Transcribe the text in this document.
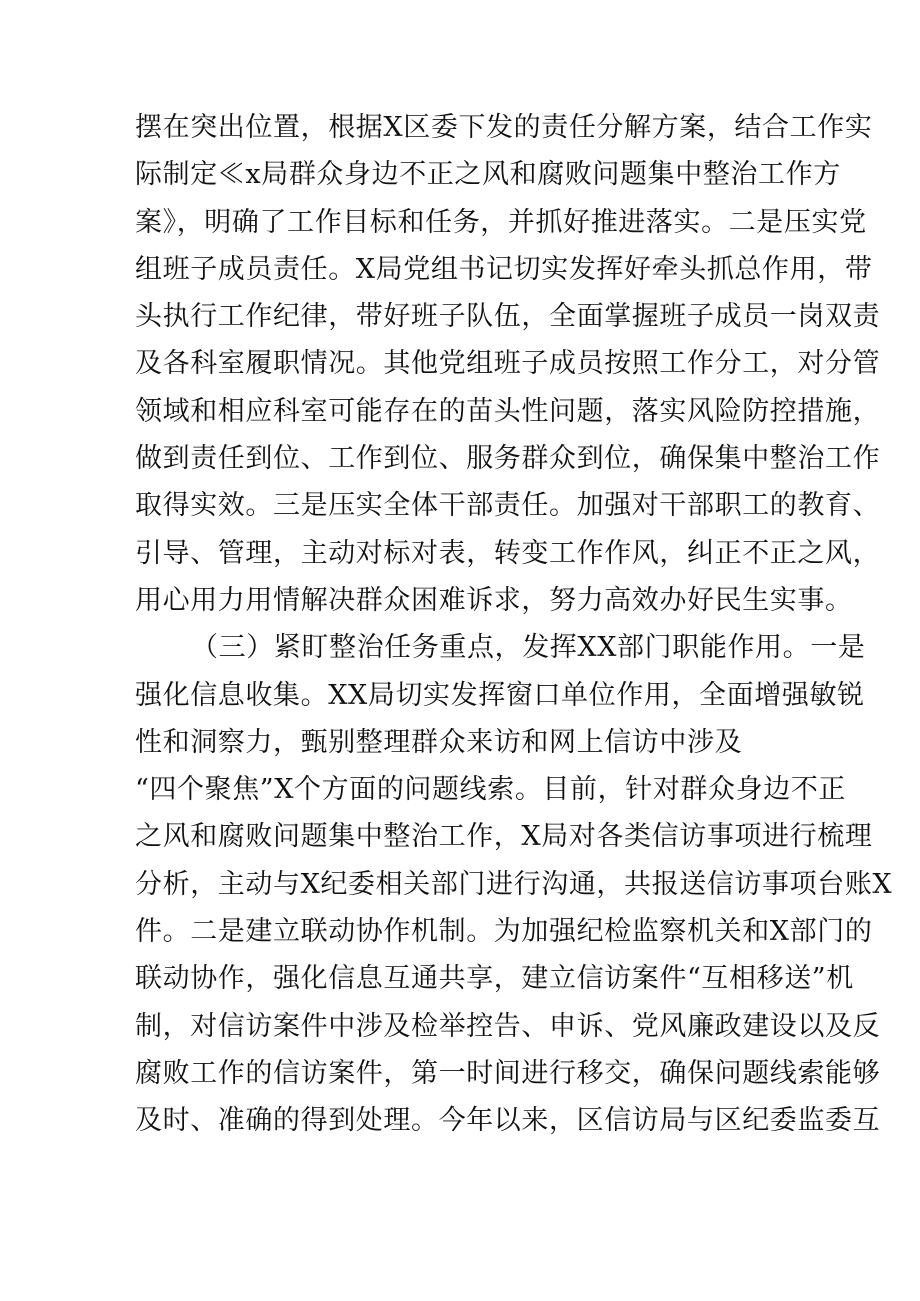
摆在突出位置，根据X区委下发的责任分解方案，结合工作实
际制定≪x局群众身边不正之风和腐败问题集中整治工作方
案》，明确了工作目标和任务，并抓好推进落实。二是压实党
组班子成员责任。X局党组书记切实发挥好牵头抓总作用，带
头执行工作纪律，带好班子队伍，全面掌握班子成员一岗双责
及各科室履职情况。其他党组班子成员按照工作分工，对分管
领域和相应科室可能存在的苗头性问题，落实风险防控措施，
做到责任到位、工作到位、服务群众到位，确保集中整治工作
取得实效。三是压实全体干部责任。加强对干部职工的教育、
引导、管理，主动对标对表，转变工作作风，纠正不正之风，
用心用力用情解决群众困难诉求，努力高效办好民生实事。
（三）紧盯整治任务重点，发挥XX部门职能作用。一是
强化信息收集。XX局切实发挥窗口单位作用，全面增强敏锐
性和洞察力，甄别整理群众来访和网上信访中涉及
“四个聚焦”X个方面的问题线索。目前，针对群众身边不正
之风和腐败问题集中整治工作，X局对各类信访事项进行梳理
分析，主动与X纪委相关部门进行沟通，共报送信访事项台账X
件。二是建立联动协作机制。为加强纪检监察机关和X部门的
联动协作，强化信息互通共享，建立信访案件“互相移送”机
制，对信访案件中涉及检举控告、申诉、党风廉政建设以及反
腐败工作的信访案件，第一时间进行移交，确保问题线索能够
及时、准确的得到处理。今年以来，区信访局与区纪委监委互
